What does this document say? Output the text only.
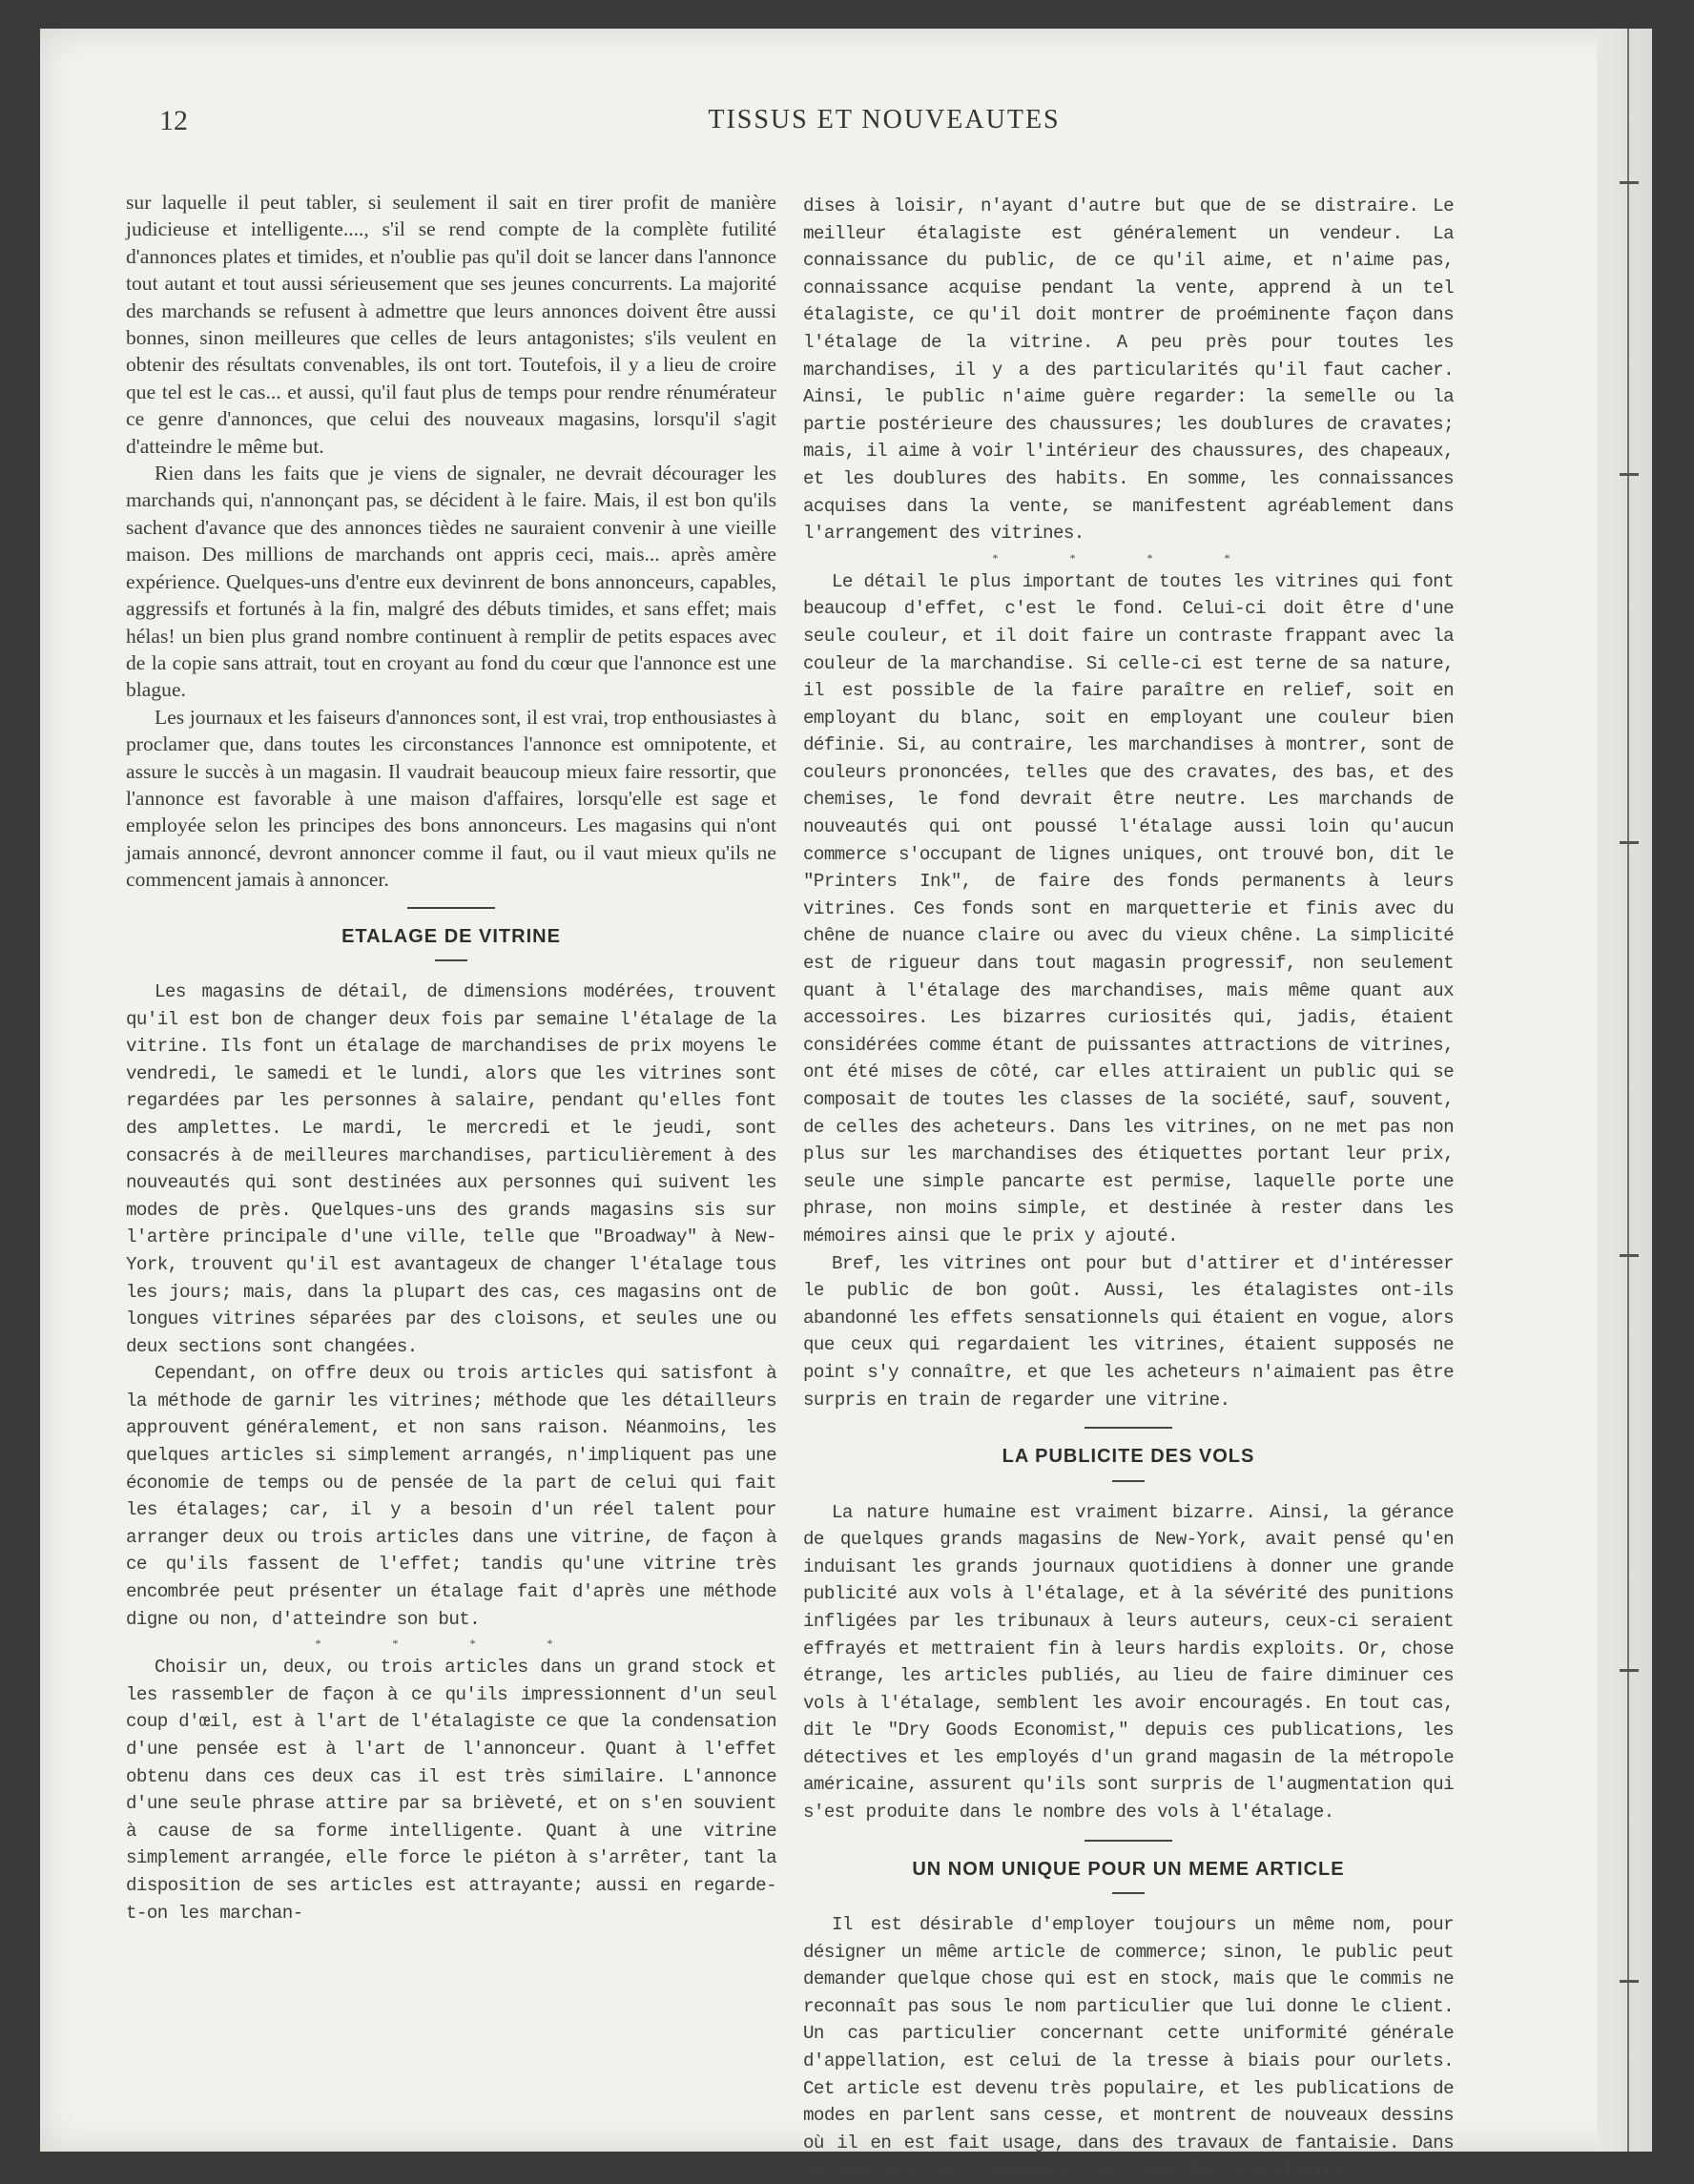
12	TISSUS ET NOUVEAUTES

sur laquelle il peut tabler, si seulement il sait en tirer profit de manière judicieuse et intelligente...., s'il se rend compte de la complète futilité d'annonces plates et timides, et n'oublie pas qu'il doit se lancer dans l'annonce tout autant et tout aussi sérieusement que ses jeunes concurrents. La majorité des marchands se refusent à admettre que leurs annonces doivent être aussi bonnes, sinon meilleures que celles de leurs antagonistes; s'ils veulent en obtenir des résultats convenables, ils ont tort. Toutefois, il y a lieu de croire que tel est le cas... et aussi, qu'il faut plus de temps pour rendre rénumérateur ce genre d'annonces, que celui des nouveaux magasins, lorsqu'il s'agit d'atteindre le même but.

Rien dans les faits que je viens de signaler, ne devrait décourager les marchands qui, n'annonçant pas, se décident à le faire. Mais, il est bon qu'ils sachent d'avance que des annonces tièdes ne sauraient convenir à une vieille maison. Des millions de marchands ont appris ceci, mais... après amère expérience. Quelques-uns d'entre eux devinrent de bons annonceurs, capables, aggressifs et fortunés à la fin, malgré des débuts timides, et sans effet; mais hélas! un bien plus grand nombre continuent à remplir de petits espaces avec de la copie sans attrait, tout en croyant au fond du cœur que l'annonce est une blague.

Les journaux et les faiseurs d'annonces sont, il est vrai, trop enthousiastes à proclamer que, dans toutes les circonstances l'annonce est omnipotente, et assure le succès à un magasin. Il vaudrait beaucoup mieux faire ressortir, que l'annonce est favorable à une maison d'affaires, lorsqu'elle est sage et employée selon les principes des bons annonceurs. Les magasins qui n'ont jamais annoncé, devront annoncer comme il faut, ou il vaut mieux qu'ils ne commencent jamais à annoncer.

ETALAGE DE VITRINE

Les magasins de détail, de dimensions modérées, trouvent qu'il est bon de changer deux fois par semaine l'étalage de la vitrine. Ils font un étalage de marchandises de prix moyens le vendredi, le samedi et le lundi, alors que les vitrines sont regardées par les personnes à salaire, pendant qu'elles font des amplettes. Le mardi, le mercredi et le jeudi, sont consacrés à de meilleures marchandises, particulièrement à des nouveautés qui sont destinées aux personnes qui suivent les modes de près. Quelques-uns des grands magasins sis sur l'artère principale d'une ville, telle que "Broadway" à New-York, trouvent qu'il est avantageux de changer l'étalage tous les jours; mais, dans la plupart des cas, ces magasins ont de longues vitrines séparées par des cloisons, et seules une ou deux sections sont changées.

Cependant, on offre deux ou trois articles qui satisfont à la méthode de garnir les vitrines; méthode que les détailleurs approuvent généralement, et non sans raison. Néanmoins, les quelques articles si simplement arrangés, n'impliquent pas une économie de temps ou de pensée de la part de celui qui fait les étalages; car, il y a besoin d'un réel talent pour arranger deux ou trois articles dans une vitrine, de façon à ce qu'ils fassent de l'effet; tandis qu'une vitrine très encombrée peut présenter un étalage fait d'après une méthode digne ou non, d'atteindre son but.

* * * *

Choisir un, deux, ou trois articles dans un grand stock et les rassembler de façon à ce qu'ils impressionnent d'un seul coup d'œil, est à l'art de l'étalagiste ce que la condensation d'une pensée est à l'art de l'annonceur. Quant à l'effet obtenu dans ces deux cas il est très similaire. L'annonce d'une seule phrase attire par sa brièveté, et on s'en souvient à cause de sa forme intelligente. Quant à une vitrine simplement arrangée, elle force le piéton à s'arrêter, tant la disposition de ses articles est attrayante; aussi en regarde-t-on les marchan-

dises à loisir, n'ayant d'autre but que de se distraire. Le meilleur étalagiste est généralement un vendeur. La connaissance du public, de ce qu'il aime, et n'aime pas, connaissance acquise pendant la vente, apprend à un tel étalagiste, ce qu'il doit montrer de proéminente façon dans l'étalage de la vitrine. A peu près pour toutes les marchandises, il y a des particularités qu'il faut cacher. Ainsi, le public n'aime guère regarder: la semelle ou la partie postérieure des chaussures; les doublures de cravates; mais, il aime à voir l'intérieur des chaussures, des chapeaux, et les doublures des habits. En somme, les connaissances acquises dans la vente, se manifestent agréablement dans l'arrangement des vitrines.

* * * *

Le détail le plus important de toutes les vitrines qui font beaucoup d'effet, c'est le fond. Celui-ci doit être d'une seule couleur, et il doit faire un contraste frappant avec la couleur de la marchandise. Si celle-ci est terne de sa nature, il est possible de la faire paraître en relief, soit en employant du blanc, soit en employant une couleur bien définie. Si, au contraire, les marchandises à montrer, sont de couleurs prononcées, telles que des cravates, des bas, et des chemises, le fond devrait être neutre. Les marchands de nouveautés qui ont poussé l'étalage aussi loin qu'aucun commerce s'occupant de lignes uniques, ont trouvé bon, dit le "Printers Ink", de faire des fonds permanents à leurs vitrines. Ces fonds sont en marquetterie et finis avec du chêne de nuance claire ou avec du vieux chêne. La simplicité est de rigueur dans tout magasin progressif, non seulement quant à l'étalage des marchandises, mais même quant aux accessoires. Les bizarres curiosités qui, jadis, étaient considérées comme étant de puissantes attractions de vitrines, ont été mises de côté, car elles attiraient un public qui se composait de toutes les classes de la société, sauf, souvent, de celles des acheteurs. Dans les vitrines, on ne met pas non plus sur les marchandises des étiquettes portant leur prix, seule une simple pancarte est permise, laquelle porte une phrase, non moins simple, et destinée à rester dans les mémoires ainsi que le prix y ajouté.

Bref, les vitrines ont pour but d'attirer et d'intéresser le public de bon goût. Aussi, les étalagistes ont-ils abandonné les effets sensationnels qui étaient en vogue, alors que ceux qui regardaient les vitrines, étaient supposés ne point s'y connaître, et que les acheteurs n'aimaient pas être surpris en train de regarder une vitrine.

LA PUBLICITE DES VOLS

La nature humaine est vraiment bizarre. Ainsi, la gérance de quelques grands magasins de New-York, avait pensé qu'en induisant les grands journaux quotidiens à donner une grande publicité aux vols à l'étalage, et à la sévérité des punitions infligées par les tribunaux à leurs auteurs, ceux-ci seraient effrayés et mettraient fin à leurs hardis exploits. Or, chose étrange, les articles publiés, au lieu de faire diminuer ces vols à l'étalage, semblent les avoir encouragés. En tout cas, dit le "Dry Goods Economist," depuis ces publications, les détectives et les employés d'un grand magasin de la métropole américaine, assurent qu'ils sont surpris de l'augmentation qui s'est produite dans le nombre des vols à l'étalage.

UN NOM UNIQUE POUR UN MEME ARTICLE

Il est désirable d'employer toujours un même nom, pour désigner un même article de commerce; sinon, le public peut demander quelque chose qui est en stock, mais que le commis ne reconnaît pas sous le nom particulier que lui donne le client. Un cas particulier concernant cette uniformité générale d'appellation, est celui de la tresse à biais pour ourlets. Cet article est devenu très populaire, et les publications de modes en parlent sans cesse, et montrent de nouveaux dessins où il en est fait usage, dans des travaux de fantaisie. Dans de nombreux cas, cependant, on donne des appellations
